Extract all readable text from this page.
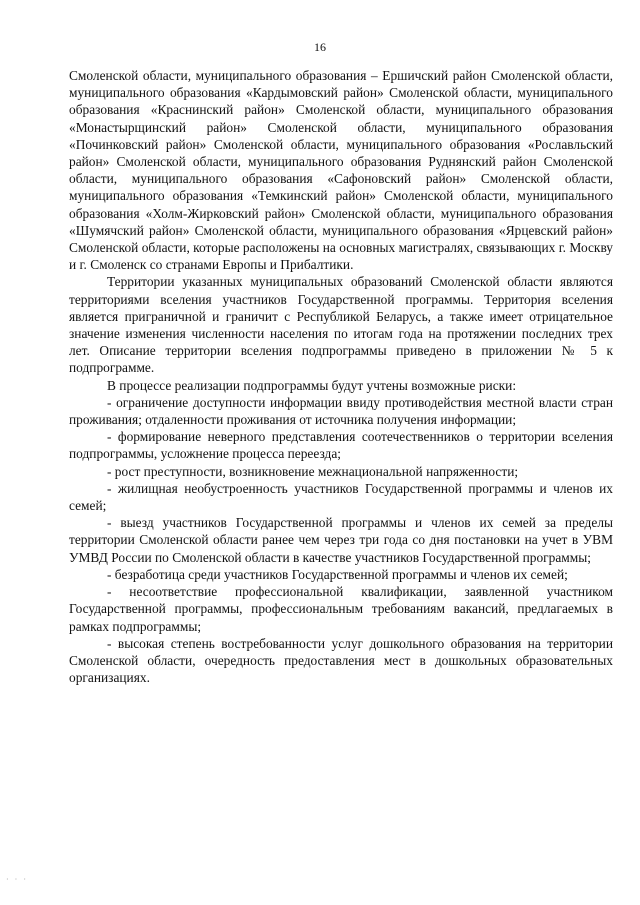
16

Смоленской области, муниципального образования – Ершичский район Смоленской области, муниципального образования «Кардымовский район» Смоленской области, муниципального образования «Краснинский район» Смоленской области, муниципального образования «Монастырщинский район» Смоленской области, муниципального образования «Починковский район» Смоленской области, муниципального образования «Рославльский район» Смоленской области, муниципального образования Руднянский район Смоленской области, муниципального образования «Сафоновский район» Смоленской области, муниципального образования «Темкинский район» Смоленской области, муниципального образования «Холм-Жирковский район» Смоленской области, муниципального образования «Шумячский район» Смоленской области, муниципального образования «Ярцевский район» Смоленской области, которые расположены на основных магистралях, связывающих г. Москву и г. Смоленск со странами Европы и Прибалтики.

Территории указанных муниципальных образований Смоленской области являются территориями вселения участников Государственной программы. Территория вселения является приграничной и граничит с Республикой Беларусь, а также имеет отрицательное значение изменения численности населения по итогам года на протяжении последних трех лет. Описание территории вселения подпрограммы приведено в приложении № 5 к подпрограмме.

В процессе реализации подпрограммы будут учтены возможные риски:

- ограничение доступности информации ввиду противодействия местной власти стран проживания; отдаленности проживания от источника получения информации;

- формирование неверного представления соотечественников о территории вселения подпрограммы, усложнение процесса переезда;

- рост преступности, возникновение межнациональной напряженности;

- жилищная необустроенность участников Государственной программы и членов их семей;

- выезд участников Государственной программы и членов их семей за пределы территории Смоленской области ранее чем через три года со дня постановки на учет в УВМ УМВД России по Смоленской области в качестве участников Государственной программы;

- безработица среди участников Государственной программы и членов их семей;

- несоответствие профессиональной квалификации, заявленной участником Государственной программы, профессиональным требованиям вакансий, предлагаемых в рамках подпрограммы;

- высокая степень востребованности услуг дошкольного образования на территории Смоленской области, очередность предоставления мест в дошкольных образовательных организациях.

· · ·
